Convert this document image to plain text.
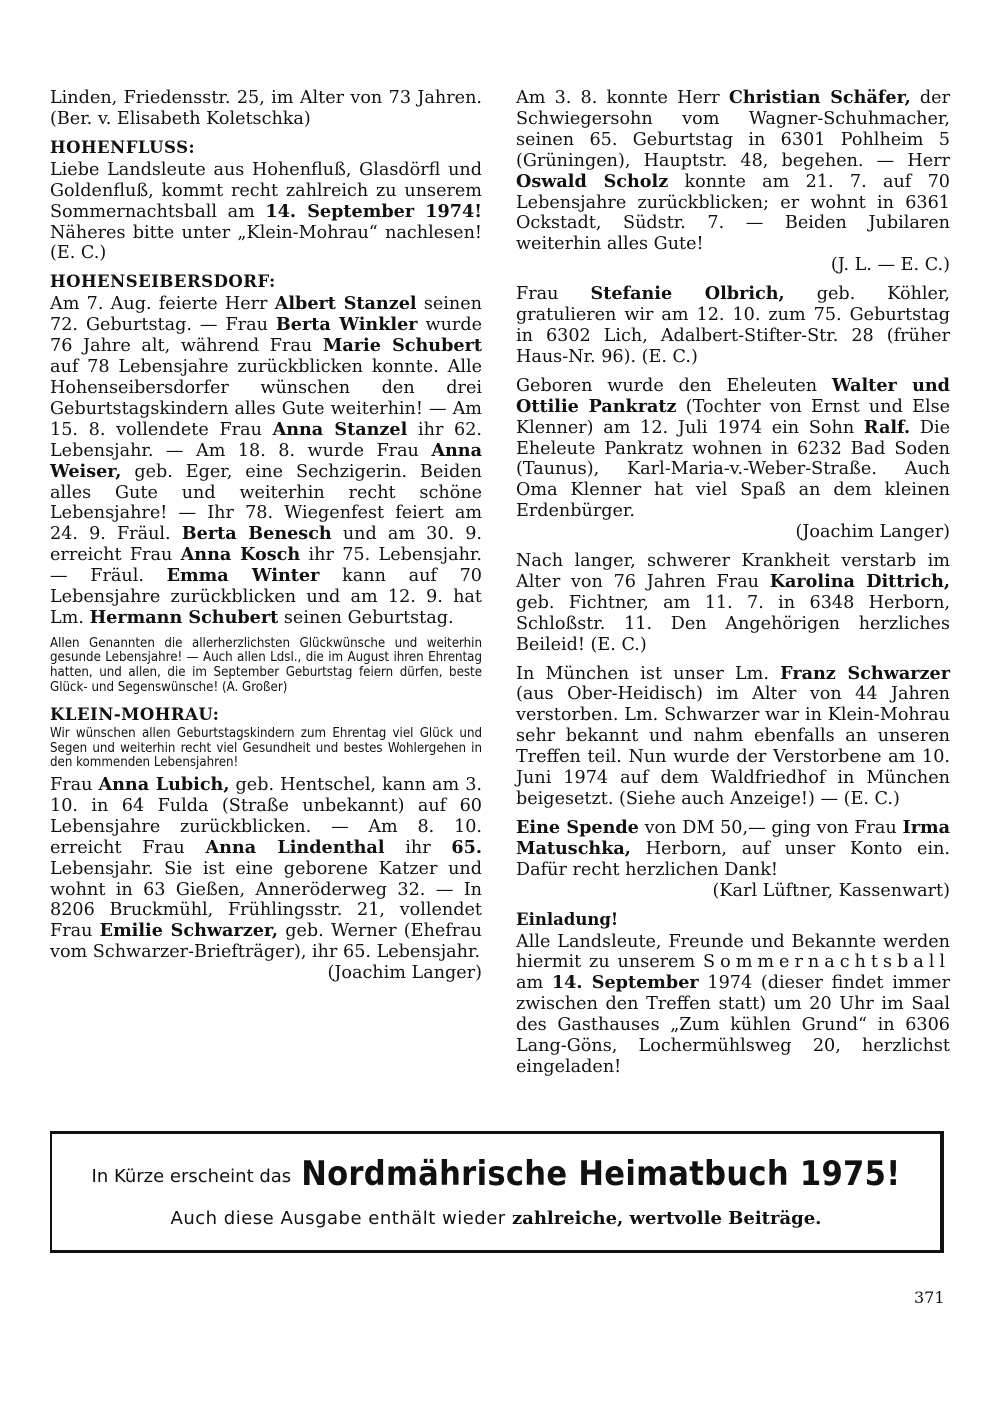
Linden, Friedensstr. 25, im Alter von 73 Jahren. (Ber. v. Elisabeth Koletschka)

HOHENFLUSS:

Liebe Landsleute aus Hohenfluß, Glasdörfl und Goldenfluß, kommt recht zahlreich zu unserem Sommernachtsball am 14. September 1974! Näheres bitte unter „Klein-Mohrau“ nachlesen! (E. C.)

HOHENSEIBERSDORF:

Am 7. Aug. feierte Herr Albert Stanzel seinen 72. Geburtstag. — Frau Berta Winkler wurde 76 Jahre alt, während Frau Marie Schubert auf 78 Lebensjahre zurückblicken konnte. Alle Hohenseibersdorfer wünschen den drei Geburtstagskindern alles Gute weiterhin! — Am 15. 8. vollendete Frau Anna Stanzel ihr 62. Lebensjahr. — Am 18. 8. wurde Frau Anna Weiser, geb. Eger, eine Sechzigerin. Beiden alles Gute und weiterhin recht schöne Lebensjahre! — Ihr 78. Wiegenfest feiert am 24. 9. Fräul. Berta Benesch und am 30. 9. erreicht Frau Anna Kosch ihr 75. Lebensjahr. — Fräul. Emma Winter kann auf 70 Lebensjahre zurückblicken und am 12. 9. hat Lm. Hermann Schubert seinen Geburtstag.

Allen Genannten die allerherzlichsten Glückwünsche und weiterhin gesunde Lebensjahre! — Auch allen Ldsl., die im August ihren Ehrentag hatten, und allen, die im September Geburtstag feiern dürfen, beste Glück- und Segenswünsche! (A. Großer)

KLEIN-MOHRAU:

Wir wünschen allen Geburtstagskindern zum Ehrentag viel Glück und Segen und weiterhin recht viel Gesundheit und bestes Wohlergehen in den kommenden Lebensjahren!

Frau Anna Lubich, geb. Hentschel, kann am 3. 10. in 64 Fulda (Straße unbekannt) auf 60 Lebensjahre zurückblicken. — Am 8. 10. erreicht Frau Anna Lindenthal ihr 65. Lebensjahr. Sie ist eine geborene Katzer und wohnt in 63 Gießen, Anneröderweg 32. — In 8206 Bruckmühl, Frühlingsstr. 21, vollendet Frau Emilie Schwarzer, geb. Werner (Ehefrau vom Schwarzer-Briefträger), ihr 65. Lebensjahr.
(Joachim Langer)

Am 3. 8. konnte Herr Christian Schäfer, der Schwiegersohn vom Wagner-Schuhmacher, seinen 65. Geburtstag in 6301 Pohlheim 5 (Grüningen), Hauptstr. 48, begehen. — Herr Oswald Scholz konnte am 21. 7. auf 70 Lebensjahre zurückblicken; er wohnt in 6361 Ockstadt, Südstr. 7. — Beiden Jubilaren weiterhin alles Gute!
(J. L. — E. C.)

Frau Stefanie Olbrich, geb. Köhler, gratulieren wir am 12. 10. zum 75. Geburtstag in 6302 Lich, Adalbert-Stifter-Str. 28 (früher Haus-Nr. 96). (E. C.)

Geboren wurde den Eheleuten Walter und Ottilie Pankratz (Tochter von Ernst und Else Klenner) am 12. Juli 1974 ein Sohn Ralf. Die Eheleute Pankratz wohnen in 6232 Bad Soden (Taunus), Karl-Maria-v.-Weber-Straße. Auch Oma Klenner hat viel Spaß an dem kleinen Erdenbürger.
(Joachim Langer)

Nach langer, schwerer Krankheit verstarb im Alter von 76 Jahren Frau Karolina Dittrich, geb. Fichtner, am 11. 7. in 6348 Herborn, Schloßstr. 11. Den Angehörigen herzliches Beileid! (E. C.)

In München ist unser Lm. Franz Schwarzer (aus Ober-Heidisch) im Alter von 44 Jahren verstorben. Lm. Schwarzer war in Klein-Mohrau sehr bekannt und nahm ebenfalls an unseren Treffen teil. Nun wurde der Verstorbene am 10. Juni 1974 auf dem Waldfriedhof in München beigesetzt. (Siehe auch Anzeige!) — (E. C.)

Eine Spende von DM 50,— ging von Frau Irma Matuschka, Herborn, auf unser Konto ein. Dafür recht herzlichen Dank!
(Karl Lüftner, Kassenwart)

Einladung!

Alle Landsleute, Freunde und Bekannte werden hiermit zu unserem Sommernachtsball am 14. September 1974 (dieser findet immer zwischen den Treffen statt) um 20 Uhr im Saal des Gasthauses „Zum kühlen Grund“ in 6306 Lang-Göns, Lochermühlsweg 20, herzlichst eingeladen!

In Kürze erscheint das Nordmährische Heimatbuch 1975!
Auch diese Ausgabe enthält wieder zahlreiche, wertvolle Beiträge.
371
